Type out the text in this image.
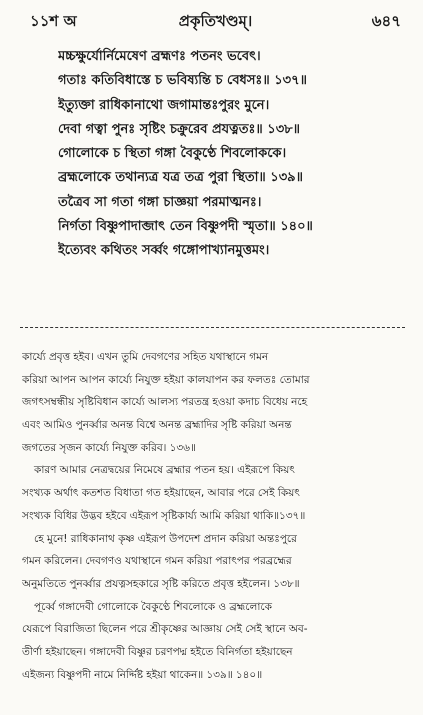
১১শ অ	প্রকৃতিখণ্ডম্।	৬৪৭
মচ্চক্ষুর্যোর্নিমেষেণ ব্রহ্মণঃ পতনং ভবেৎ।
গতাঃ কতিবিধাস্তে চ ভবিষ্যন্তি চ বেধসঃ॥ ১৩৭॥
ইত্যুক্তা রাধিকানাথো জগামান্তঃপুরং মুনে।
দেবা গত্বা পুনঃ সৃষ্টিং চক্রুরেব প্রযত্নতঃ॥ ১৩৮॥
গোলোকে চ স্থিতা গঙ্গা বৈকুণ্ঠে শিবলোককে।
ব্রহ্মলোকে তথান্যত্র যত্র তত্র পুরা স্থিতা॥ ১৩৯॥
তত্রৈব সা গতা গঙ্গা চাজ্ঞয়া পরমাত্মনঃ।
নির্গতা বিষ্ণুপাদাব্জাৎ তেন বিষ্ণুপদী স্মৃতা॥ ১৪০॥
ইত্যেবং কথিতং সর্ব্বং গঙ্গোপাখ্যানমুত্তমং।
কার্য্যে প্রবৃত্ত হইব। এখন তুমি দেবগণের সহিত যথাস্থানে গমন
করিয়া আপন আপন কার্য্যে নিযুক্ত হইয়া কালযাপন কর ফলতঃ তোমার
জগৎসম্বন্ধীয় সৃষ্টিবিধান কার্য্যে আলস্য পরতন্ত্র হওয়া কদাচ বিধেয় নহে
এবং আমিও পুনর্ব্বার অনন্ত বিশ্বে অনন্ত ব্রহ্মাদির সৃষ্টি করিয়া অনন্ত
জগতের সৃজন কার্য্যে নিযুক্ত করিব। ১৩৬॥
কারণ আমার নেত্রদ্বয়ের নিমেষে ব্রহ্মার পতন হয়। এইরূপে কিয়ৎ
সংখ্যক অর্থাৎ কতশত বিধাতা গত হইয়াছেন, আবার পরে সেই কিয়ৎ
সংখ্যক বিধির উদ্ভব হইবে এইরূপ সৃষ্টিকার্য্য আমি করিয়া থাকি॥১৩৭॥
হে মুনে! রাধিকানাথ কৃষ্ণ এইরূপ উপদেশ প্রদান করিয়া অন্তঃপুরে
গমন করিলেন। দেবগণও যথাস্থানে গমন করিয়া পরাৎপর পরব্রহ্মের
অনুমতিতে পুনর্ব্বার প্রযত্নসহকারে সৃষ্টি করিতে প্রবৃত্ত হইলেন। ১৩৮॥
পূর্ব্বে গঙ্গাদেবী গোলোকে বৈকুণ্ঠে শিবলোকে ও ব্রহ্মলোকে
যেরূপে বিরাজিতা ছিলেন পরে শ্রীকৃষ্ণের আজ্ঞায় সেই সেই স্থানে অব-
তীর্ণা হইয়াছেন। গঙ্গাদেবী বিষ্ণুর চরণপদ্ম হইতে বিনির্গতা হইয়াছেন
এইজন্য বিষ্ণুপদী নামে নির্দ্দিষ্ট হইয়া থাকেন॥ ১৩৯॥ ১৪০॥
